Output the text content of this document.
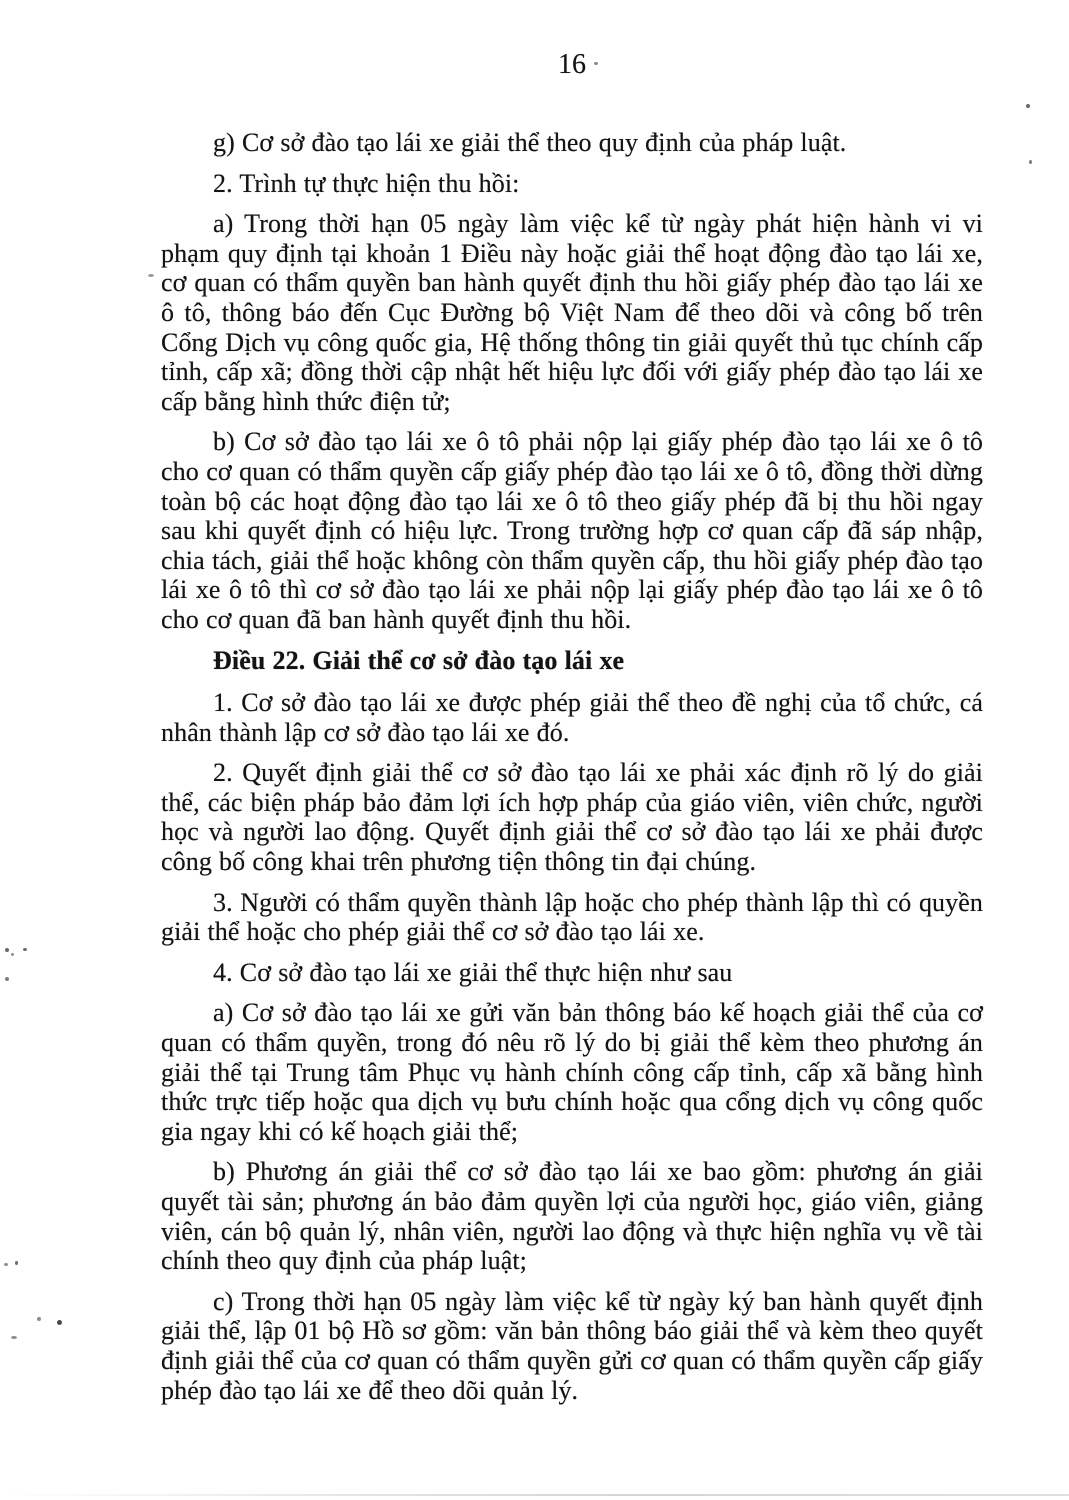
16

g) Cơ sở đào tạo lái xe giải thể theo quy định của pháp luật.

2. Trình tự thực hiện thu hồi:

a) Trong thời hạn 05 ngày làm việc kể từ ngày phát hiện hành vi vi phạm quy định tại khoản 1 Điều này hoặc giải thể hoạt động đào tạo lái xe, cơ quan có thẩm quyền ban hành quyết định thu hồi giấy phép đào tạo lái xe ô tô, thông báo đến Cục Đường bộ Việt Nam để theo dõi và công bố trên Cổng Dịch vụ công quốc gia, Hệ thống thông tin giải quyết thủ tục chính cấp tỉnh, cấp xã; đồng thời cập nhật hết hiệu lực đối với giấy phép đào tạo lái xe cấp bằng hình thức điện tử;

b) Cơ sở đào tạo lái xe ô tô phải nộp lại giấy phép đào tạo lái xe ô tô cho cơ quan có thẩm quyền cấp giấy phép đào tạo lái xe ô tô, đồng thời dừng toàn bộ các hoạt động đào tạo lái xe ô tô theo giấy phép đã bị thu hồi ngay sau khi quyết định có hiệu lực. Trong trường hợp cơ quan cấp đã sáp nhập, chia tách, giải thể hoặc không còn thẩm quyền cấp, thu hồi giấy phép đào tạo lái xe ô tô thì cơ sở đào tạo lái xe phải nộp lại giấy phép đào tạo lái xe ô tô cho cơ quan đã ban hành quyết định thu hồi.

Điều 22. Giải thể cơ sở đào tạo lái xe

1. Cơ sở đào tạo lái xe được phép giải thể theo đề nghị của tổ chức, cá nhân thành lập cơ sở đào tạo lái xe đó.

2. Quyết định giải thể cơ sở đào tạo lái xe phải xác định rõ lý do giải thể, các biện pháp bảo đảm lợi ích hợp pháp của giáo viên, viên chức, người học và người lao động. Quyết định giải thể cơ sở đào tạo lái xe phải được công bố công khai trên phương tiện thông tin đại chúng.

3. Người có thẩm quyền thành lập hoặc cho phép thành lập thì có quyền giải thể hoặc cho phép giải thể cơ sở đào tạo lái xe.

4. Cơ sở đào tạo lái xe giải thể thực hiện như sau

a) Cơ sở đào tạo lái xe gửi văn bản thông báo kế hoạch giải thể của cơ quan có thẩm quyền, trong đó nêu rõ lý do bị giải thể kèm theo phương án giải thể tại Trung tâm Phục vụ hành chính công cấp tỉnh, cấp xã bằng hình thức trực tiếp hoặc qua dịch vụ bưu chính hoặc qua cổng dịch vụ công quốc gia ngay khi có kế hoạch giải thể;

b) Phương án giải thể cơ sở đào tạo lái xe bao gồm: phương án giải quyết tài sản; phương án bảo đảm quyền lợi của người học, giáo viên, giảng viên, cán bộ quản lý, nhân viên, người lao động và thực hiện nghĩa vụ về tài chính theo quy định của pháp luật;

c) Trong thời hạn 05 ngày làm việc kể từ ngày ký ban hành quyết định giải thể, lập 01 bộ Hồ sơ gồm: văn bản thông báo giải thể và kèm theo quyết định giải thể của cơ quan có thẩm quyền gửi cơ quan có thẩm quyền cấp giấy phép đào tạo lái xe để theo dõi quản lý.
